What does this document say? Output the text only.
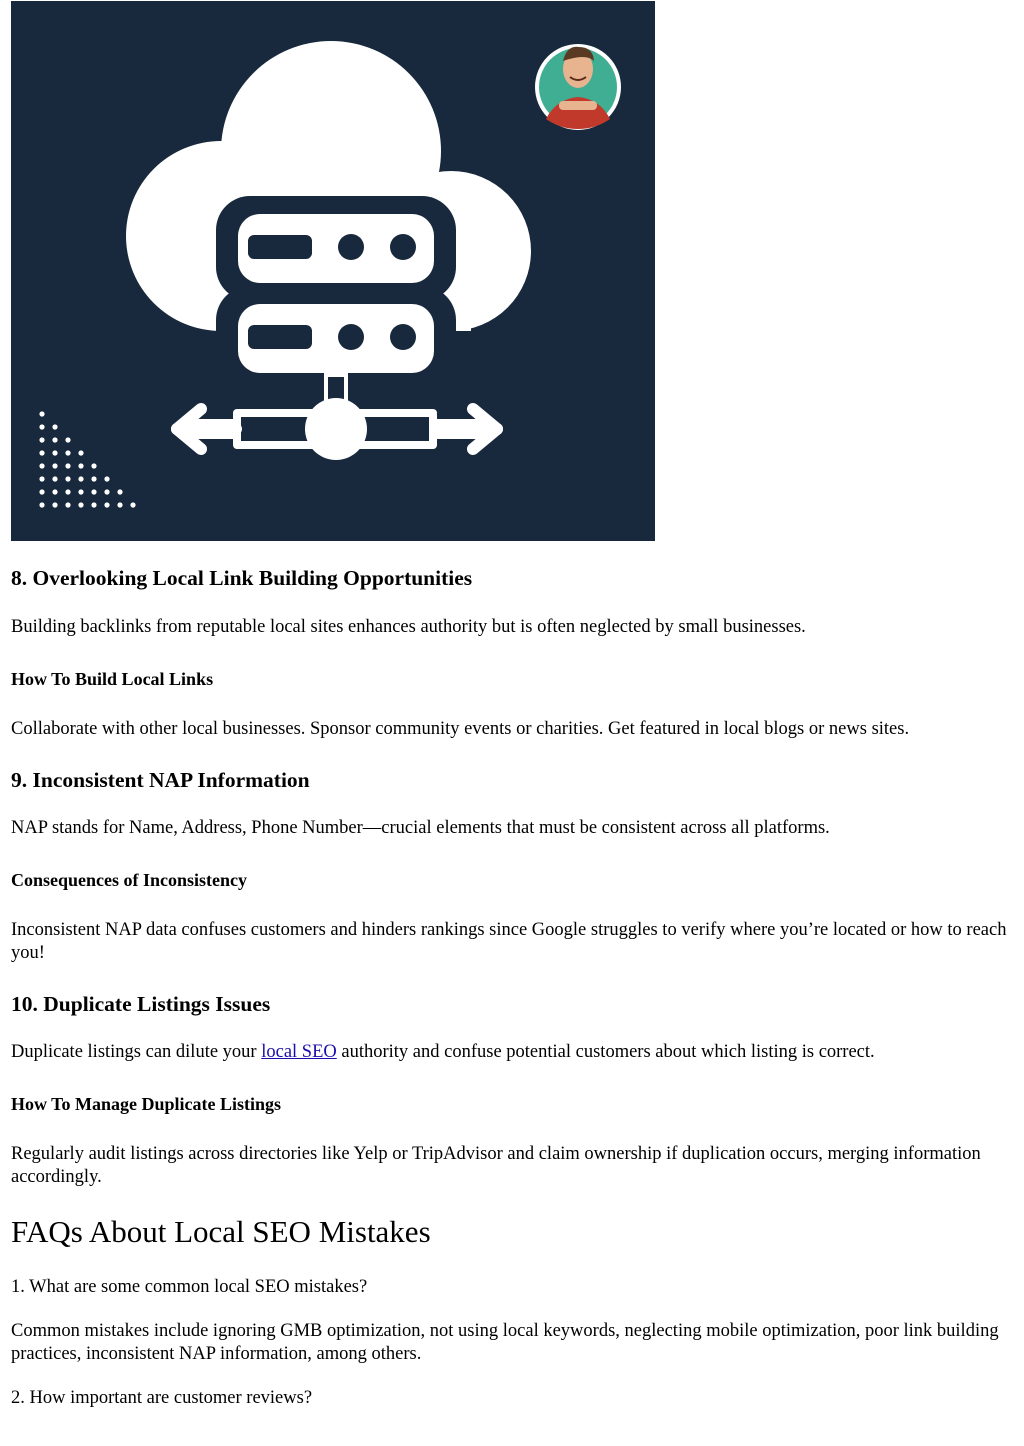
8. Overlooking Local Link Building Opportunities

Building backlinks from reputable local sites enhances authority but is often neglected by small businesses.

How To Build Local Links

Collaborate with other local businesses. Sponsor community events or charities. Get featured in local blogs or news sites.

9. Inconsistent NAP Information

NAP stands for Name, Address, Phone Number—crucial elements that must be consistent across all platforms.

Consequences of Inconsistency

Inconsistent NAP data confuses customers and hinders rankings since Google struggles to verify where you’re located or how to reach you!

10. Duplicate Listings Issues

Duplicate listings can dilute your local SEO authority and confuse potential customers about which listing is correct.

How To Manage Duplicate Listings

Regularly audit listings across directories like Yelp or TripAdvisor and claim ownership if duplication occurs, merging information accordingly.

FAQs About Local SEO Mistakes

1. What are some common local SEO mistakes?

Common mistakes include ignoring GMB optimization, not using local keywords, neglecting mobile optimization, poor link building practices, inconsistent NAP information, among others.

2. How important are customer reviews?
